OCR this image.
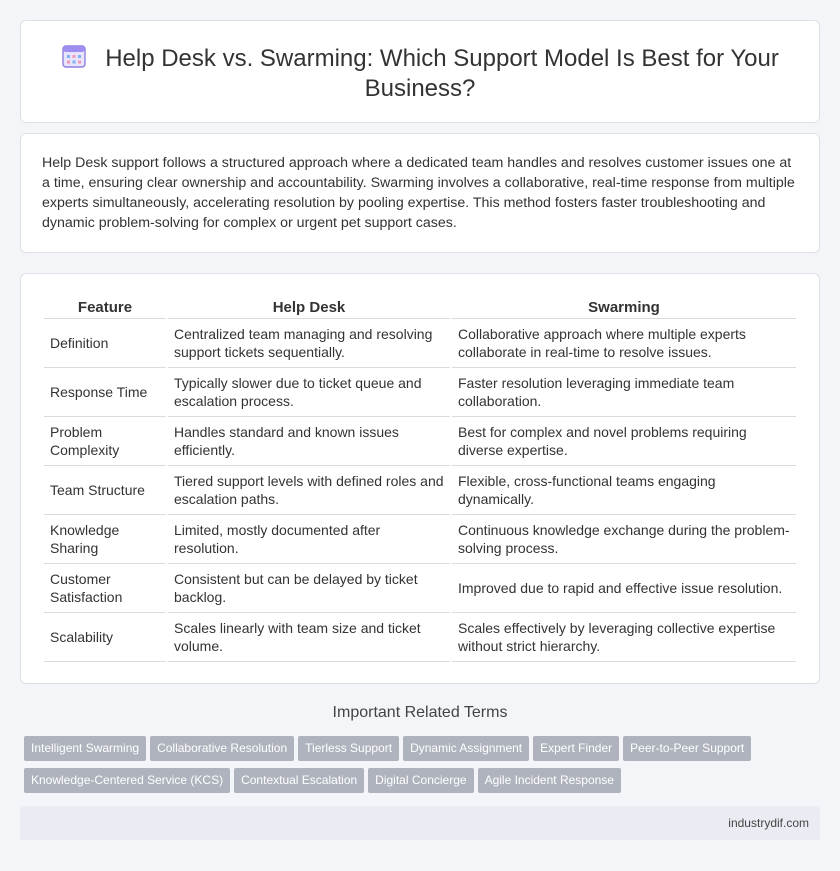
Help Desk vs. Swarming: Which Support Model Is Best for Your Business?

Help Desk support follows a structured approach where a dedicated team handles and resolves customer issues one at a time, ensuring clear ownership and accountability. Swarming involves a collaborative, real-time response from multiple experts simultaneously, accelerating resolution by pooling expertise. This method fosters faster troubleshooting and dynamic problem-solving for complex or urgent pet support cases.

Feature	Help Desk	Swarming
Definition	Centralized team managing and resolving support tickets sequentially.	Collaborative approach where multiple experts collaborate in real-time to resolve issues.
Response Time	Typically slower due to ticket queue and escalation process.	Faster resolution leveraging immediate team collaboration.
Problem Complexity	Handles standard and known issues efficiently.	Best for complex and novel problems requiring diverse expertise.
Team Structure	Tiered support levels with defined roles and escalation paths.	Flexible, cross-functional teams engaging dynamically.
Knowledge Sharing	Limited, mostly documented after resolution.	Continuous knowledge exchange during the problem-solving process.
Customer Satisfaction	Consistent but can be delayed by ticket backlog.	Improved due to rapid and effective issue resolution.
Scalability	Scales linearly with team size and ticket volume.	Scales effectively by leveraging collective expertise without strict hierarchy.
Important Related Terms
Intelligent Swarming Collaborative Resolution Tierless Support Dynamic Assignment Expert Finder Peer-to-Peer Support
Knowledge-Centered Service (KCS) Contextual Escalation Digital Concierge Agile Incident Response
industrydif.com
